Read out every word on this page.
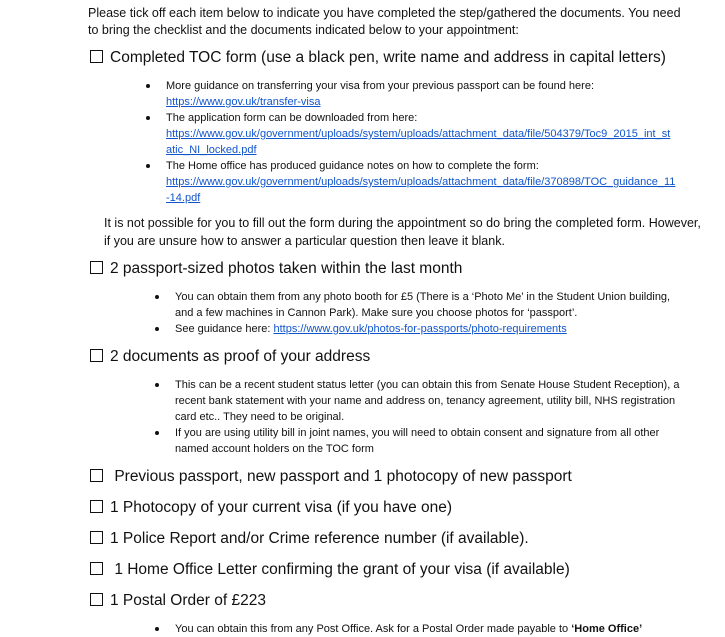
Please tick off each item below to indicate you have completed the step/gathered the documents. You need to bring the checklist and the documents indicated below to your appointment:
Completed TOC form (use a black pen, write name and address in capital letters)
More guidance on transferring your visa from your previous passport can be found here:
https://www.gov.uk/transfer-visa
The application form can be downloaded from here:
https://www.gov.uk/government/uploads/system/uploads/attachment_data/file/504379/Toc9_2015_int_static_NI_locked.pdf
The Home office has produced guidance notes on how to complete the form:
https://www.gov.uk/government/uploads/system/uploads/attachment_data/file/370898/TOC_guidance_11-14.pdf
It is not possible for you to fill out the form during the appointment so do bring the completed form. However, if you are unsure how to answer a particular question then leave it blank.
2 passport-sized photos taken within the last month
You can obtain them from any photo booth for £5 (There is a ‘Photo Me’ in the Student Union building, and a few machines in Cannon Park). Make sure you choose photos for ‘passport’.
See guidance here: https://www.gov.uk/photos-for-passports/photo-requirements
2 documents as proof of your address
This can be a recent student status letter (you can obtain this from Senate House Student Reception), a recent bank statement with your name and address on, tenancy agreement, utility bill, NHS registration card etc.. They need to be original.
If you are using utility bill in joint names, you will need to obtain consent and signature from all other named account holders on the TOC form
Previous passport, new passport and 1 photocopy of new passport
1 Photocopy of your current visa (if you have one)
1 Police Report and/or Crime reference number (if available).
1 Home Office Letter confirming the grant of your visa (if available)
1 Postal Order of £223
You can obtain this from any Post Office. Ask for a Postal Order made payable to ‘Home Office’
